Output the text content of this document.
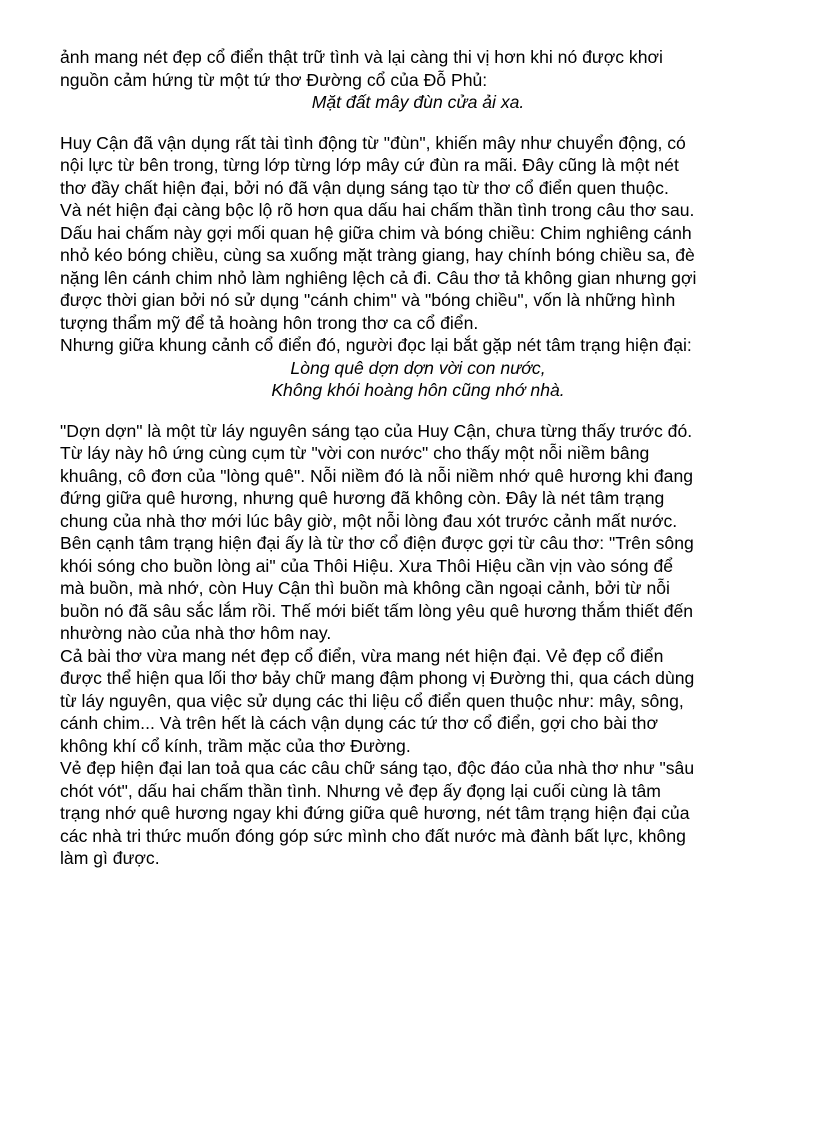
ảnh mang nét đẹp cổ điển thật trữ tình và lại càng thi vị hơn khi nó được khơi
nguồn cảm hứng từ một tứ thơ Đường cổ của Đỗ Phủ:

Mặt đất mây đùn cửa ải xa.

Huy Cận đã vận dụng rất tài tình động từ "đùn", khiến mây như chuyển động, có
nội lực từ bên trong, từng lớp từng lớp mây cứ đùn ra mãi. Đây cũng là một nét
thơ đầy chất hiện đại, bởi nó đã vận dụng sáng tạo từ thơ cổ điển quen thuộc.

Và nét hiện đại càng bộc lộ rõ hơn qua dấu hai chấm thần tình trong câu thơ sau.
Dấu hai chấm này gợi mối quan hệ giữa chim và bóng chiều: Chim nghiêng cánh
nhỏ kéo bóng chiều, cùng sa xuống mặt tràng giang, hay chính bóng chiều sa, đè
nặng lên cánh chim nhỏ làm nghiêng lệch cả đi. Câu thơ tả không gian nhưng gợi
được thời gian bởi nó sử dụng "cánh chim" và "bóng chiều", vốn là những hình
tượng thẩm mỹ để tả hoàng hôn trong thơ ca cổ điển.

Nhưng giữa khung cảnh cổ điển đó, người đọc lại bắt gặp nét tâm trạng hiện đại:

Lòng quê dợn dợn vời con nước,
Không khói hoàng hôn cũng nhớ nhà.

"Dợn dợn" là một từ láy nguyên sáng tạo của Huy Cận, chưa từng thấy trước đó.
Từ láy này hô ứng cùng cụm từ "vời con nước" cho thấy một nỗi niềm bâng
khuâng, cô đơn của "lòng quê". Nỗi niềm đó là nỗi niềm nhớ quê hương khi đang
đứng giữa quê hương, nhưng quê hương đã không còn. Đây là nét tâm trạng
chung của nhà thơ mới lúc bây giờ, một nỗi lòng đau xót trước cảnh mất nước.

Bên cạnh tâm trạng hiện đại ấy là từ thơ cổ điện được gợi từ câu thơ: "Trên sông
khói sóng cho buồn lòng ai" của Thôi Hiệu. Xưa Thôi Hiệu cần vịn vào sóng để
mà buồn, mà nhớ, còn Huy Cận thì buồn mà không cần ngoại cảnh, bởi từ nỗi
buồn nó đã sâu sắc lắm rồi. Thế mới biết tấm lòng yêu quê hương thắm thiết đến
nhường nào của nhà thơ hôm nay.

Cả bài thơ vừa mang nét đẹp cổ điển, vừa mang nét hiện đại. Vẻ đẹp cổ điển
được thể hiện qua lối thơ bảy chữ mang đậm phong vị Đường thi, qua cách dùng
từ láy nguyên, qua việc sử dụng các thi liệu cổ điển quen thuộc như: mây, sông,
cánh chim... Và trên hết là cách vận dụng các tứ thơ cổ điển, gợi cho bài thơ
không khí cổ kính, trầm mặc của thơ Đường.

Vẻ đẹp hiện đại lan toả qua các câu chữ sáng tạo, độc đáo của nhà thơ như "sâu
chót vót", dấu hai chấm thần tình. Nhưng vẻ đẹp ấy đọng lại cuối cùng là tâm
trạng nhớ quê hương ngay khi đứng giữa quê hương, nét tâm trạng hiện đại của
các nhà tri thức muốn đóng góp sức mình cho đất nước mà đành bất lực, không
làm gì được.
